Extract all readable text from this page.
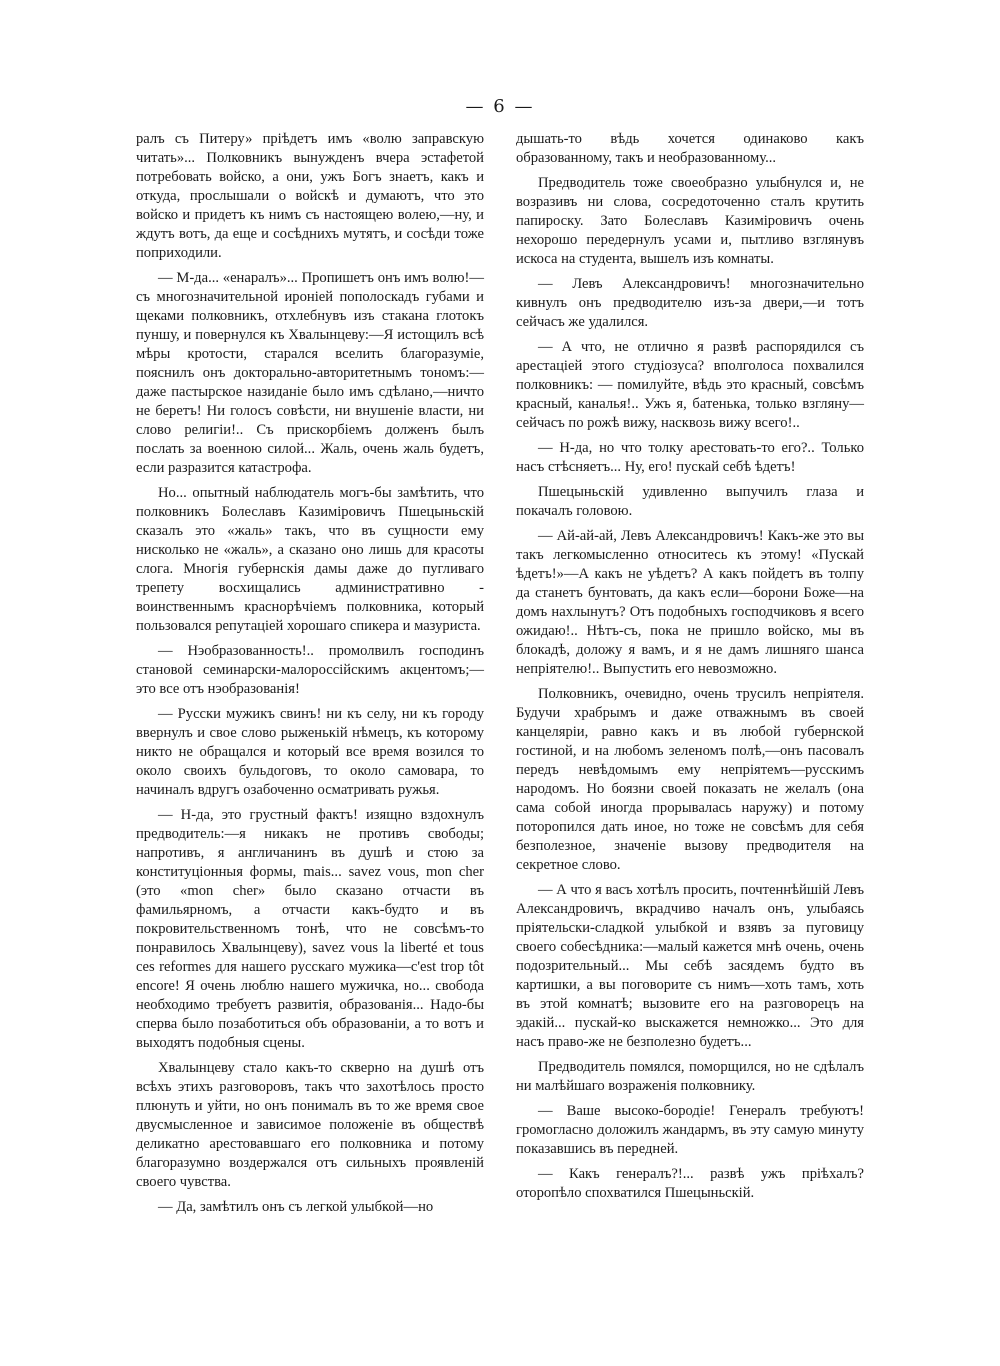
— 6 —

ралъ съ Питеру» пріѣдетъ имъ «волю заправскую читать»... Полковникъ вынужденъ вчера эстафетой потребовать войско, а они, ужъ Богъ знаетъ, какъ и откуда, прослышали о войскѣ и думаютъ, что это войско и придетъ къ нимъ съ настоящею волею,—ну, и ждутъ вотъ, да еще и сосѣднихъ мутятъ, и сосѣди тоже поприходили.

— М-да... «енаралъ»... Пропишетъ онъ имъ волю!—съ многозначительной ироніей пополоскадъ губами и щеками полковникъ, отхлебнувъ изъ стакана глотокъ пуншу, и повернулся къ Хвалынцеву:—Я истощилъ всѣ мѣры кротости, старался вселить благоразуміе, пояснилъ онъ докторально-авторитетнымъ тономъ:—даже пастырское назиданіе было имъ сдѣлано,—ничто не беретъ! Ни голосъ совѣсти, ни внушеніе власти, ни слово религіи!.. Съ прискорбіемъ долженъ былъ послать за военною силой... Жаль, очень жаль будетъ, если разразится катастрофа.

Но... опытный наблюдатель могъ-бы замѣтить, что полковникъ Болеславъ Казиміровичъ Пшецыньскій сказалъ это «жаль» такъ, что въ сущности ему нисколько не «жаль», а сказано оно лишь для красоты слога. Многія губернскія дамы даже до пугливаго трепету восхищались административно - воинственнымъ краснорѣчіемъ полковника, который пользовался репутаціей хорошаго спикера и мазуриста.

— Нэобразованность!.. промолвилъ господинъ становой семинарски-малороссійскимъ акцентомъ;—это все отъ нэобразованія!

— Русски мужикъ свинъ! ни къ селу, ни къ городу ввернулъ и свое слово рыженькій нѣмецъ, къ которому никто не обращался и который все время возился то около своихъ бульдоговъ, то около самовара, то начиналъ вдругъ озабоченно осматривать ружья.

— Н-да, это грустный фактъ! изящно вздохнулъ предводитель:—я никакъ не противъ свободы; напротивъ, я англичанинъ въ душѣ и стою за конституціонныя формы, mais... savez vous, mon cher (это «mon cher» было сказано отчасти въ фамильярномъ, а отчасти какъ-будто и въ покровительственномъ тонѣ, что не совсѣмъ-то понравилось Хвалынцеву), savez vous la liberté et tous ces reformes для нашего русскаго мужика—c'est trop tôt encore! Я очень люблю нашего мужичка, но... свобода необходимо требуетъ развитія, образованія... Надо-бы сперва было позаботиться объ образованіи, а то вотъ и выходятъ подобныя сцены.

Хвалынцеву стало какъ-то скверно на душѣ отъ всѣхъ этихъ разговоровъ, такъ что захотѣлось просто плюнуть и уйти, но онъ понималъ въ то же время свое двусмысленное и зависимое положеніе въ обществѣ деликатно арестовавшаго его полковника и потому благоразумно воздержался отъ сильныхъ проявленій своего чувства.

— Да, замѣтилъ онъ съ легкой улыбкой—но

дышать-то вѣдь хочется одинаково какъ образованному, такъ и необразованному...

Предводитель тоже своеобразно улыбнулся и, не возразивъ ни слова, сосредоточенно сталъ крутить папироску. Зато Болеславъ Казиміровичъ очень нехорошо передернулъ усами и, пытливо взглянувъ искоса на студента, вышелъ изъ комнаты.

— Левъ Александровичъ! многозначительно кивнулъ онъ предводителю изъ-за двери,—и тотъ сейчасъ же удалился.

— А что, не отлично я развѣ распорядился съ арестаціей этого студіозуса? вполголоса похвалился полковникъ: — помилуйте, вѣдь это красный, совсѣмъ красный, каналья!.. Ужъ я, батенька, только взгляну—сейчасъ по рожѣ вижу, насквозь вижу всего!..

— Н-да, но что толку арестовать-то его?.. Только насъ стѣсняетъ... Ну, его! пускай себѣ ѣдетъ!

Пшецыньскій удивленно выпучилъ глаза и покачалъ головою.

— Ай-ай-ай, Левъ Александровичъ! Какъ-же это вы такъ легкомысленно относитесь къ этому! «Пускай ѣдетъ!»—А какъ не уѣдетъ? А какъ пойдетъ въ толпу да станетъ бунтовать, да какъ если—борони Боже—на домъ нахлынутъ? Отъ подобныхъ господчиковъ я всего ожидаю!.. Нѣтъ-съ, пока не пришло войско, мы въ блокадѣ, доложу я вамъ, и я не дамъ лишняго шанса непріятелю!.. Выпустить его невозможно.

Полковникъ, очевидно, очень трусилъ непріятеля. Будучи храбрымъ и даже отважнымъ въ своей канцеляріи, равно какъ и въ любой губернской гостиной, и на любомъ зеленомъ полѣ,—онъ пасовалъ передъ невѣдомымъ ему непріятемъ—русскимъ народомъ. Но боязни своей показать не желалъ (она сама собой иногда прорывалась наружу) и потому поторопился дать иное, но тоже не совсѣмъ для себя безполезное, значеніе вызову предводителя на секретное слово.

— А что я васъ хотѣлъ просить, почтеннѣйшій Левъ Александровичъ, вкрадчиво началъ онъ, улыбаясь пріятельски-сладкой улыбкой и взявъ за пуговицу своего собесѣдника:—малый кажется мнѣ очень, очень подозрительный... Мы себѣ засядемъ будто въ картишки, а вы поговорите съ нимъ—хоть тамъ, хоть въ этой комнатѣ; вызовите его на разговорецъ на эдакій... пускай-ко выскажется немножко... Это для насъ право-же не безполезно будетъ...

Предводитель помялся, поморщился, но не сдѣлалъ ни малѣйшаго возраженія полковнику.

— Ваше высоко-бородіе! Генералъ требуютъ! громогласно доложилъ жандармъ, въ эту самую минуту показавшись въ передней.

— Какъ генералъ?!... развѣ ужъ пріѣхалъ? оторопѣло спохватился Пшецыньскій.
